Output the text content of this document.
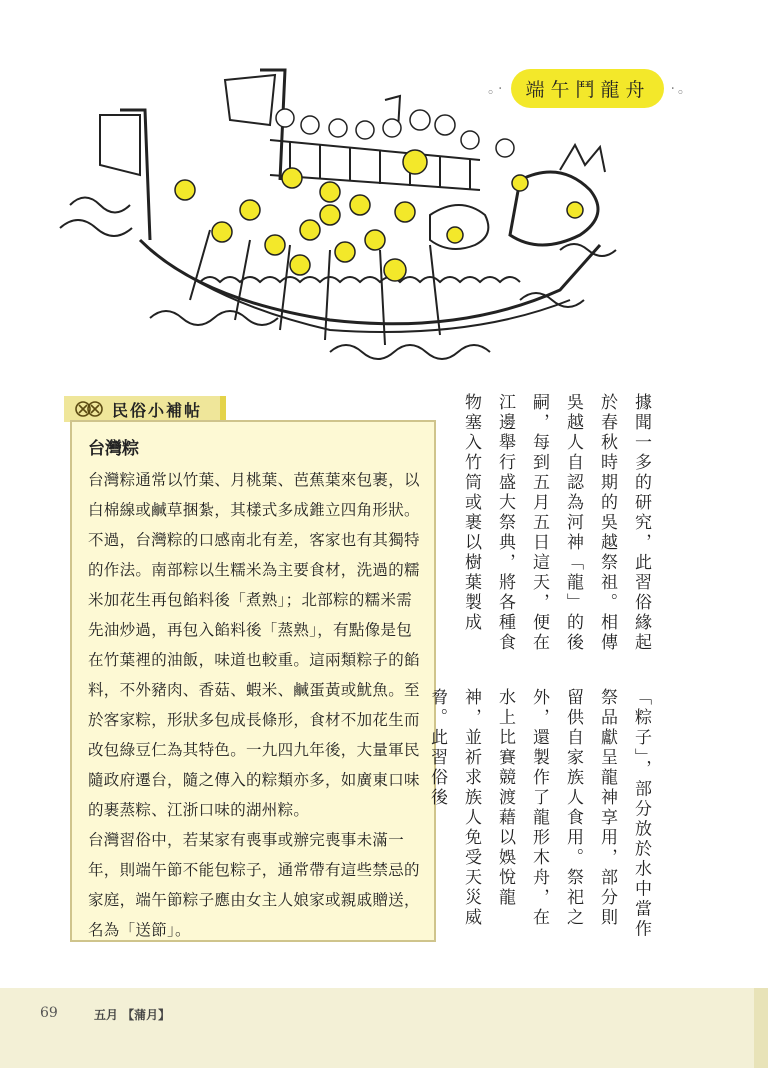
。·	端午鬥龍舟	·。
民俗小補帖
台灣粽

台灣粽通常以竹葉、月桃葉、芭蕉葉來包裹，以白棉線或鹹草捆紮，其樣式多成錐立四角形狀。不過，台灣粽的口感南北有差，客家也有其獨特的作法。南部粽以生糯米為主要食材，洗過的糯米加花生再包餡料後「煮熟」；北部粽的糯米需先油炒過，再包入餡料後「蒸熟」，有點像是包在竹葉裡的油飯，味道也較重。這兩類粽子的餡料，不外豬肉、香菇、蝦米、鹹蛋黃或魷魚。至於客家粽，形狀多包成長條形，食材不加花生而改包綠豆仁為其特色。一九四九年後，大量軍民隨政府遷台，隨之傳入的粽類亦多，如廣東口味的裹蒸粽、江浙口味的湖州粽。

台灣習俗中，若某家有喪事或辦完喪事未滿一年，則端午節不能包粽子，通常帶有這些禁忌的家庭，端午節粽子應由女主人娘家或親戚贈送，名為「送節」。

據聞一多的研究，此習俗緣起於春秋時期的吳越祭祖。相傳吳越人自認為河神「龍」的後嗣，每到五月五日這天，便在江邊舉行盛大祭典，將各種食物塞入竹筒或裹以樹葉製成
「粽子」，部分放於水中當作祭品獻呈龍神享用，部分則留供自家族人食用。祭祀之外，還製作了龍形木舟，在水上比賽競渡藉以娛悅龍神，並祈求族人免受天災威脅。此習俗後
69	五月 【蒲月】
